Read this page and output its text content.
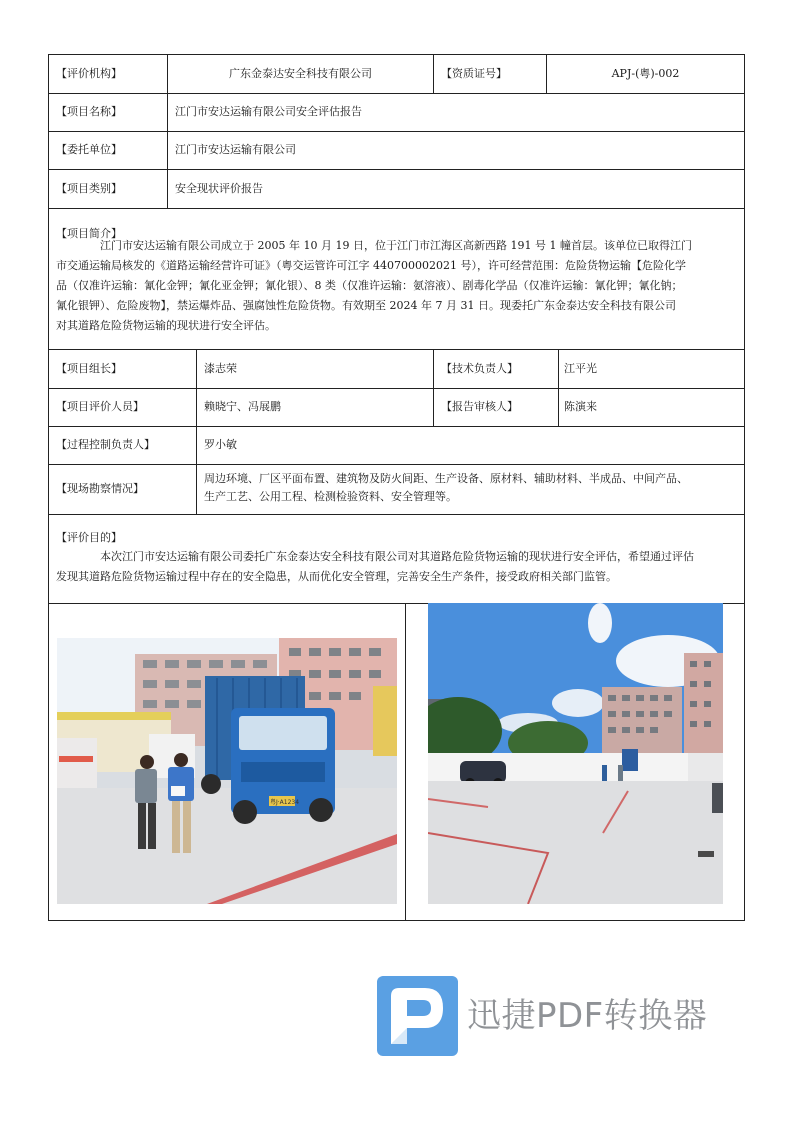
【评价机构】	广东金泰达安全科技有限公司	【资质证号】	APJ-(粤)-002
【项目名称】	江门市安达运输有限公司安全评估报告
【委托单位】	江门市安达运输有限公司
【项目类别】	安全现状评价报告
【项目简介】
江门市安达运输有限公司成立于 2005 年 10 月 19 日，位于江门市江海区高新西路 191 号 1 幢首层。该单位已取得江门
市交通运输局核发的《道路运输经营许可证》（粤交运管许可江字 440700002021 号），许可经营范围：危险货物运输【危险化学
品（仅准许运输：氰化金钾；氰化亚金钾；氰化银）、8 类（仅准许运输：氨溶液）、剧毒化学品（仅准许运输：氰化钾；氰化钠；
氰化银钾）、危险废物】，禁运爆炸品、强腐蚀性危险货物。有效期至 2024 年 7 月 31 日。现委托广东金泰达安全科技有限公司
对其道路危险货物运输的现状进行安全评估。
【项目组长】	漆志荣	【技术负责人】	江平光
【项目评价人员】	赖晓宁、冯展鹏	【报告审核人】	陈演来
【过程控制负责人】	罗小敏
【现场勘察情况】
周边环境、厂区平面布置、建筑物及防火间距、生产设备、原材料、辅助材料、半成品、中间产品、
生产工艺、公用工程、检测检验资料、安全管理等。
【评价目的】
本次江门市安达运输有限公司委托广东金泰达安全科技有限公司对其道路危险货物运输的现状进行安全评估，希望通过评估
发现其道路危险货物运输过程中存在的安全隐患，从而优化安全管理，完善安全生产条件，接受政府相关部门监管。
粤J·A1234
迅捷PDF转换器
